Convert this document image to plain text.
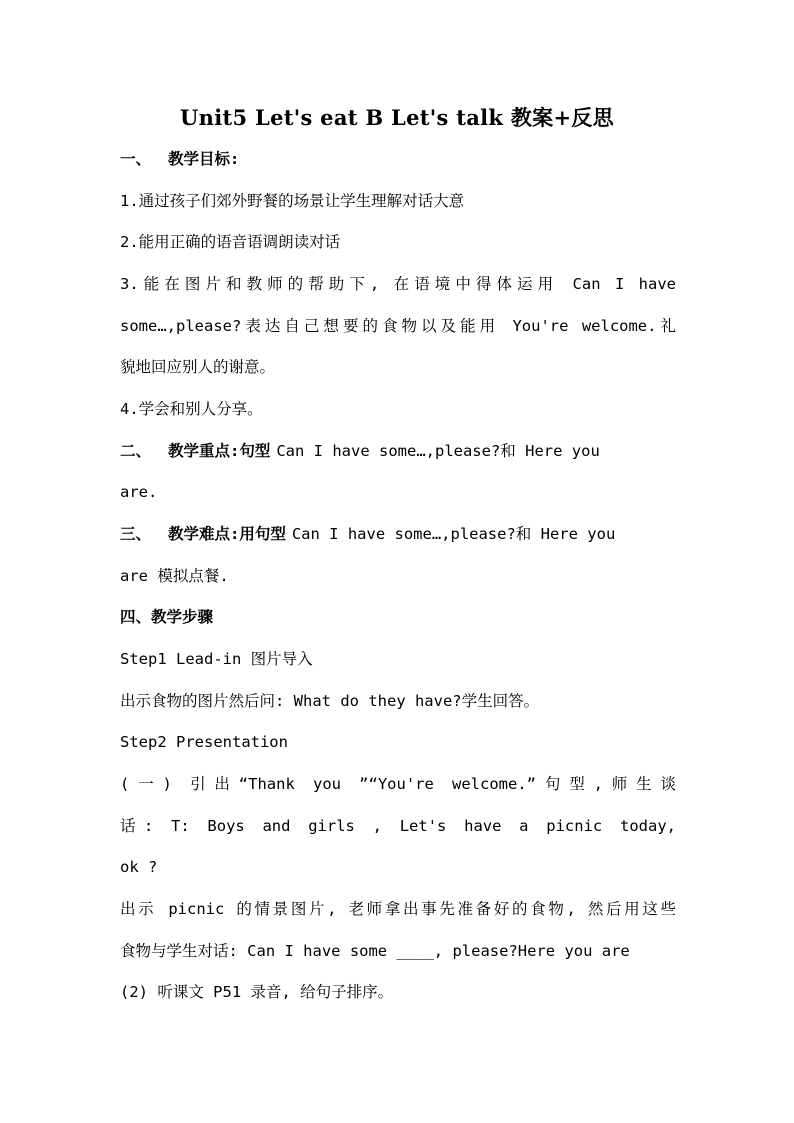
Unit5 Let's eat B Let's talk 教案+反思
一、 教学目标:
1.通过孩子们郊外野餐的场景让学生理解对话大意
2.能用正确的语音语调朗读对话
3.能在图片和教师的帮助下, 在语境中得体运用 Can I have
some…,please?表达自己想要的食物以及能用 You're welcome.礼
貌地回应别人的谢意。
4.学会和别人分享。
二、 教学重点:句型 Can I have some…,please?和 Here you
are.
三、 教学难点:用句型 Can I have some…,please?和 Here you
are 模拟点餐.
四、教学步骤
Step1 Lead-in 图片导入
出示食物的图片然后问: What do they have?学生回答。
Step2 Presentation
(一) 引出“Thank you ”“You're welcome.”句型,师生谈
话: T: Boys and girls , Let's have a picnic today,
ok ?
出示 picnic 的情景图片, 老师拿出事先准备好的食物, 然后用这些
食物与学生对话: Can I have some ____, please?Here you are
(2) 听课文 P51 录音, 给句子排序。
